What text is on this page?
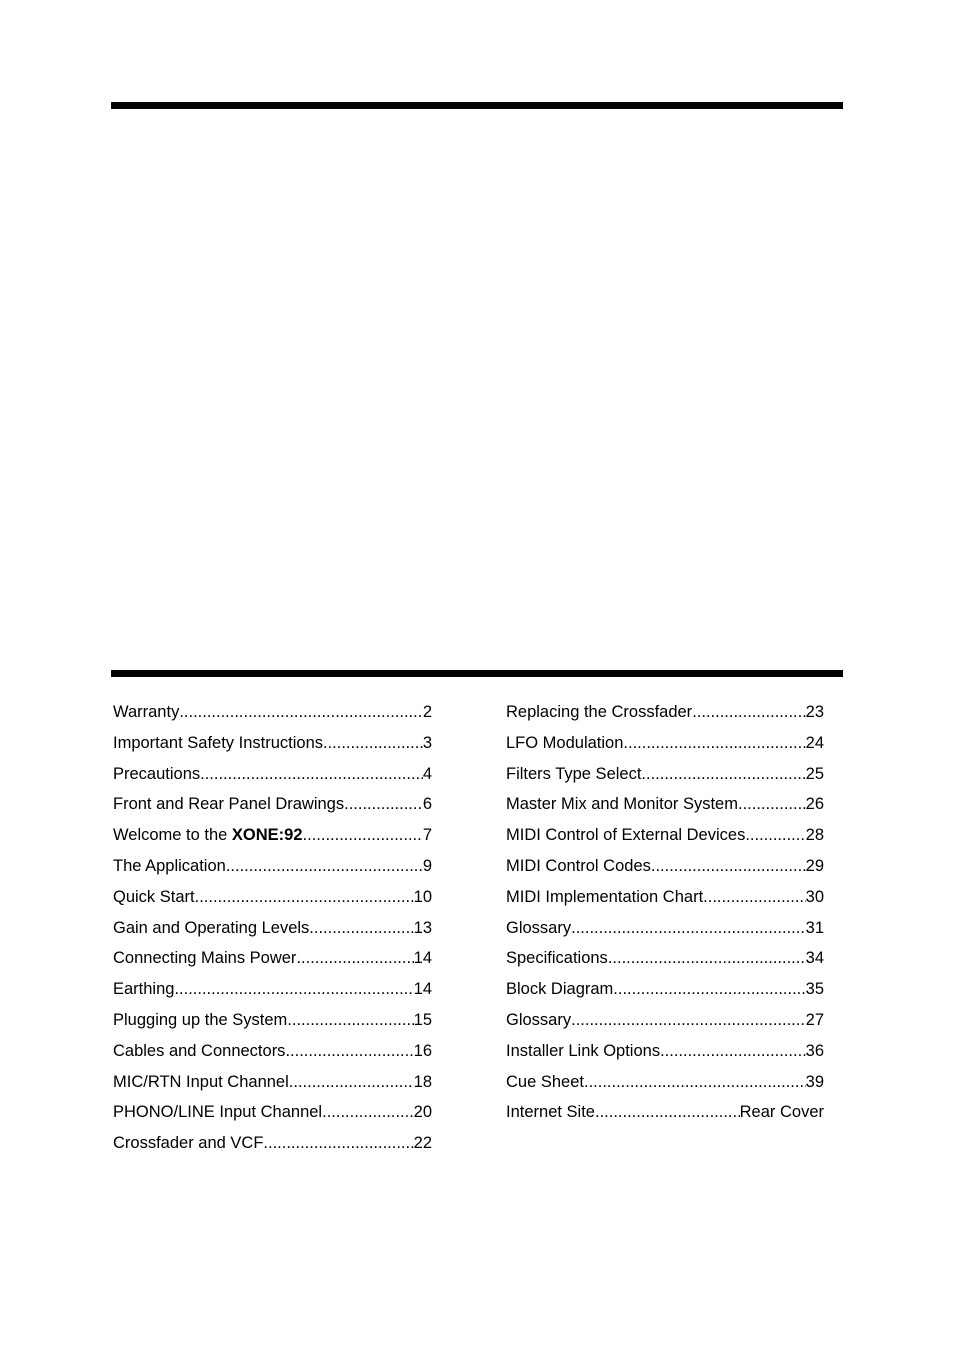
Warranty .....	2
Important Safety Instructions .....	3
Precautions .....	4
Front and Rear Panel Drawings .....	6
Welcome to the XONE:92 .....	7
The Application .....	9
Quick Start .....	10
Gain and Operating Levels .....	13
Connecting Mains Power .....	14
Earthing .....	14
Plugging up the System .....	15
Cables and Connectors .....	16
MIC/RTN Input Channel .....	18
PHONO/LINE Input Channel .....	20
Crossfader and VCF .....	22
Replacing the Crossfader .....	23
LFO Modulation .....	24
Filters Type Select .....	25
Master Mix and Monitor System .....	26
MIDI Control of External Devices .....	28
MIDI Control Codes .....	29
MIDI Implementation Chart .....	30
Glossary .....	31
Specifications .....	34
Block Diagram .....	35
Glossary .....	27
Installer Link Options .....	36
Cue Sheet .....	39
Internet Site .....	Rear Cover
